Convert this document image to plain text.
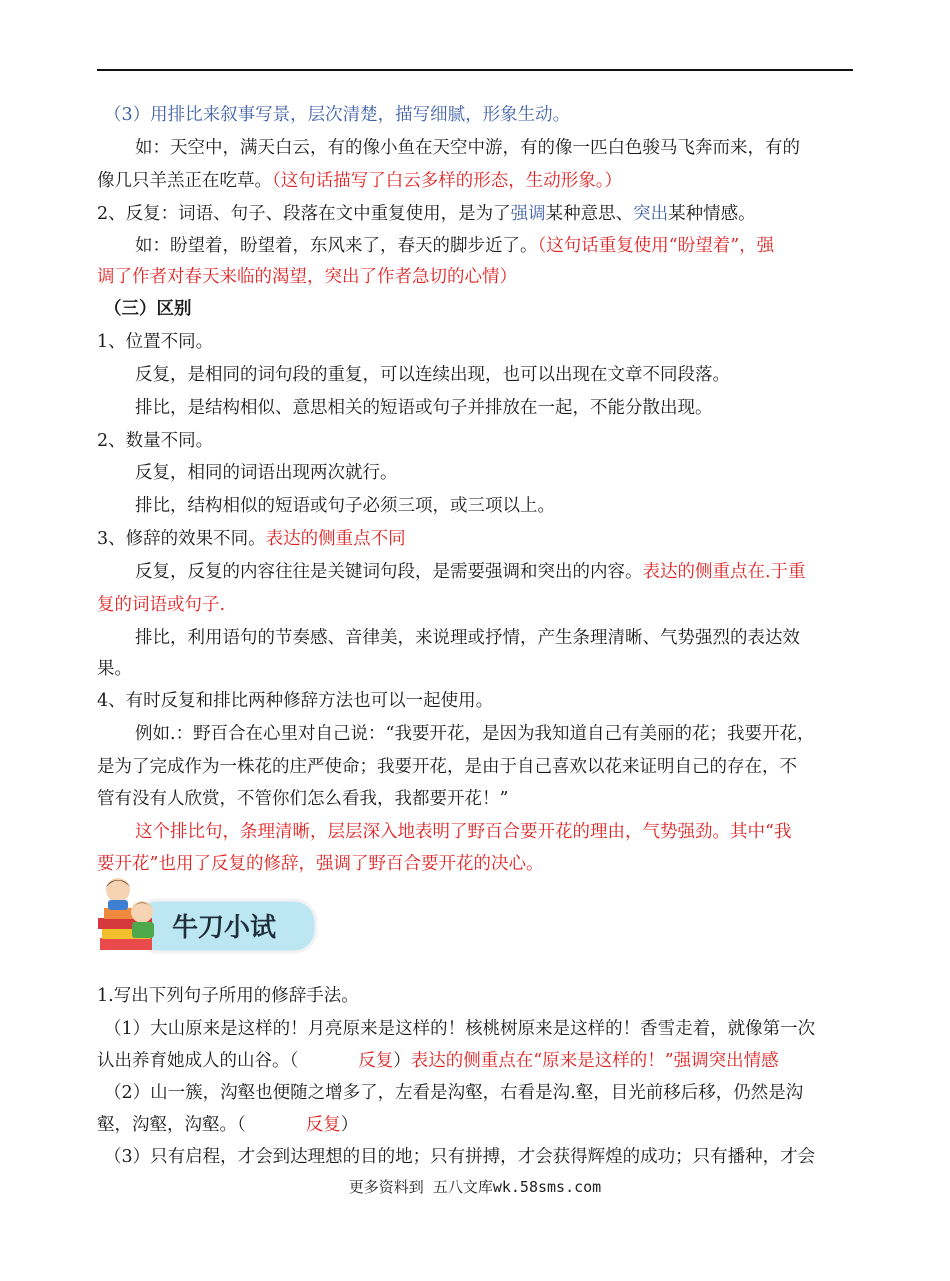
（3）用排比来叙事写景，层次清楚，描写细腻，形象生动。
如：天空中，满天白云，有的像小鱼在天空中游，有的像一匹白色骏马飞奔而来，有的
像几只羊羔正在吃草。（这句话描写了白云多样的形态，生动形象。）
2、反复：词语、句子、段落在文中重复使用，是为了强调某种意思、突出某种情感。
如：盼望着，盼望着，东风来了，春天的脚步近了。（这句话重复使用“盼望着”，强
调了作者对春天来临的渴望，突出了作者急切的心情）
（三）区别
1、位置不同。
反复，是相同的词句段的重复，可以连续出现，也可以出现在文章不同段落。
排比，是结构相似、意思相关的短语或句子并排放在一起，不能分散出现。
2、数量不同。
反复，相同的词语出现两次就行。
排比，结构相似的短语或句子必须三项，或三项以上。
3、修辞的效果不同。表达的侧重点不同
反复，反复的内容往往是关键词句段，是需要强调和突出的内容。表达的侧重点在.于重
复的词语或句子.
排比，利用语句的节奏感、音律美，来说理或抒情，产生条理清晰、气势强烈的表达效
果。
4、有时反复和排比两种修辞方法也可以一起使用。
例如.：野百合在心里对自己说：“我要开花，是因为我知道自己有美丽的花；我要开花，
是为了完成作为一株花的庄严使命；我要开花，是由于自己喜欢以花来证明自己的存在，不
管有没有人欣赏，不管你们怎么看我，我都要开花！”
这个排比句，条理清晰，层层深入地表明了野百合要开花的理由，气势强劲。其中“我
要开花”也用了反复的修辞，强调了野百合要开花的决心。
牛刀小试
1.写出下列句子所用的修辞手法。
（1）大山原来是这样的！月亮原来是这样的！核桃树原来是这样的！香雪走着，就像第一次
认出养育她成人的山谷。（	反复）表达的侧重点在“原来是这样的！”强调突出情感
（2）山一簇，沟壑也便随之增多了，左看是沟壑，右看是沟.壑，目光前移后移，仍然是沟
壑，沟壑，沟壑。（	反复）
（3）只有启程，才会到达理想的目的地；只有拼搏，才会获得辉煌的成功；只有播种，才会
更多资料到 五八文库wk.58sms.com
